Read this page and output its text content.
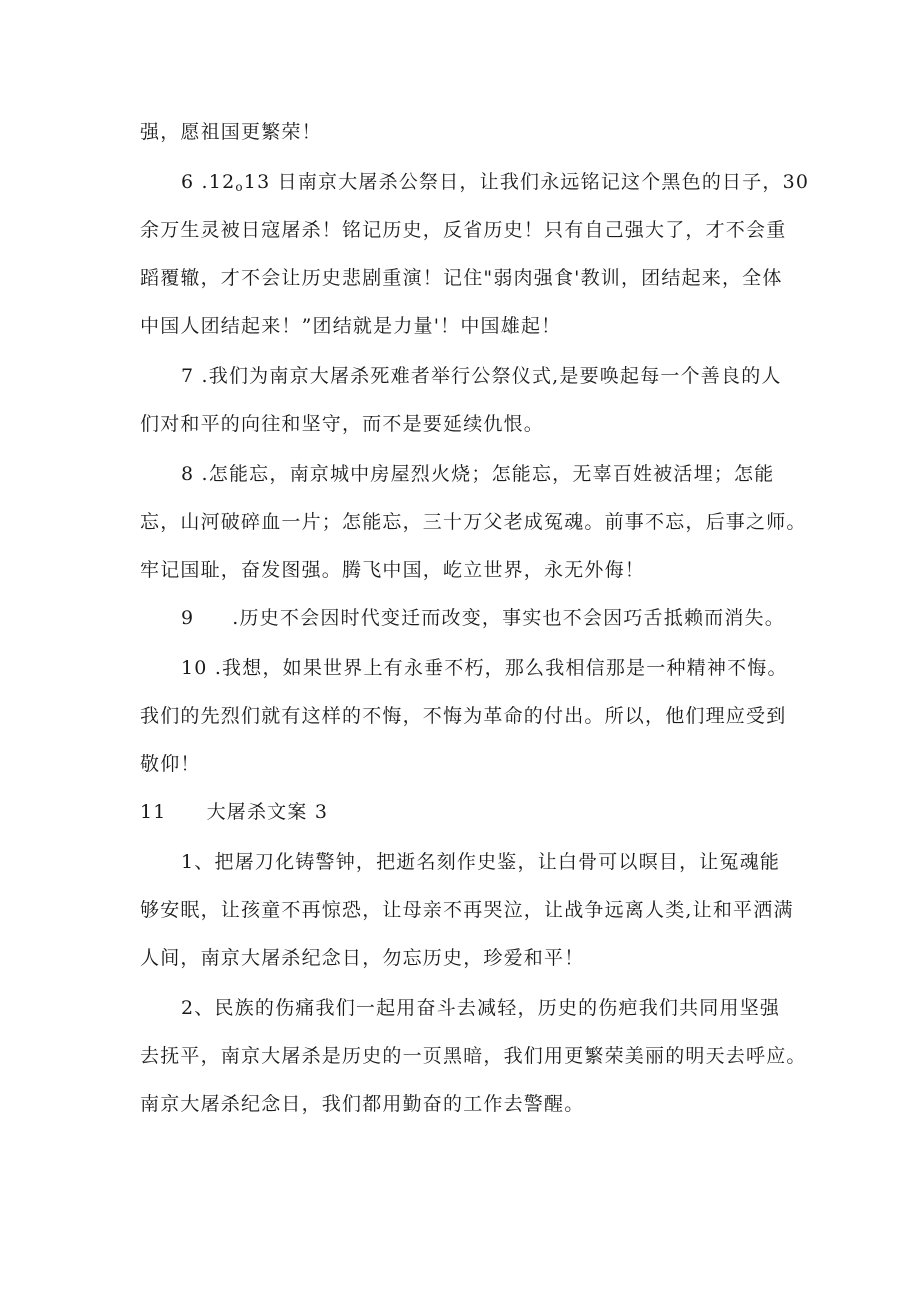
强，愿祖国更繁荣！
6 $.12_o13$ 日南京大屠杀公祭日，让我们永远铭记这个黑色的日子，30
余万生灵被日寇屠杀！铭记历史，反省历史！只有自己强大了，才不会重
蹈覆辙，才不会让历史悲剧重演！记住"弱肉强食'教训，团结起来，全体
中国人团结起来！”团结就是力量'！中国雄起！
7 .我们为南京大屠杀死难者举行公祭仪式,是要唤起每一个善良的人
们对和平的向往和坚守，而不是要延续仇恨。
8 .怎能忘，南京城中房屋烈火烧；怎能忘，无辜百姓被活埋；怎能
忘，山河破碎血一片；怎能忘，三十万父老成冤魂。前事不忘，后事之师。
牢记国耻，奋发图强。腾飞中国，屹立世界，永无外侮！
9 .历史不会因时代变迁而改变，事实也不会因巧舌抵赖而消失。
10 .我想，如果世界上有永垂不朽，那么我相信那是一种精神不悔。
我们的先烈们就有这样的不悔，不悔为革命的付出。所以，他们理应受到
敬仰！
11 大屠杀文案 3
1、把屠刀化铸警钟，把逝名刻作史鉴，让白骨可以暝目，让冤魂能
够安眠，让孩童不再惊恐，让母亲不再哭泣，让战争远离人类,让和平洒满
人间，南京大屠杀纪念日，勿忘历史，珍爱和平！
2、民族的伤痛我们一起用奋斗去减轻，历史的伤疤我们共同用坚强
去抚平，南京大屠杀是历史的一页黑暗，我们用更繁荣美丽的明天去呼应。
南京大屠杀纪念日，我们都用勤奋的工作去警醒。
